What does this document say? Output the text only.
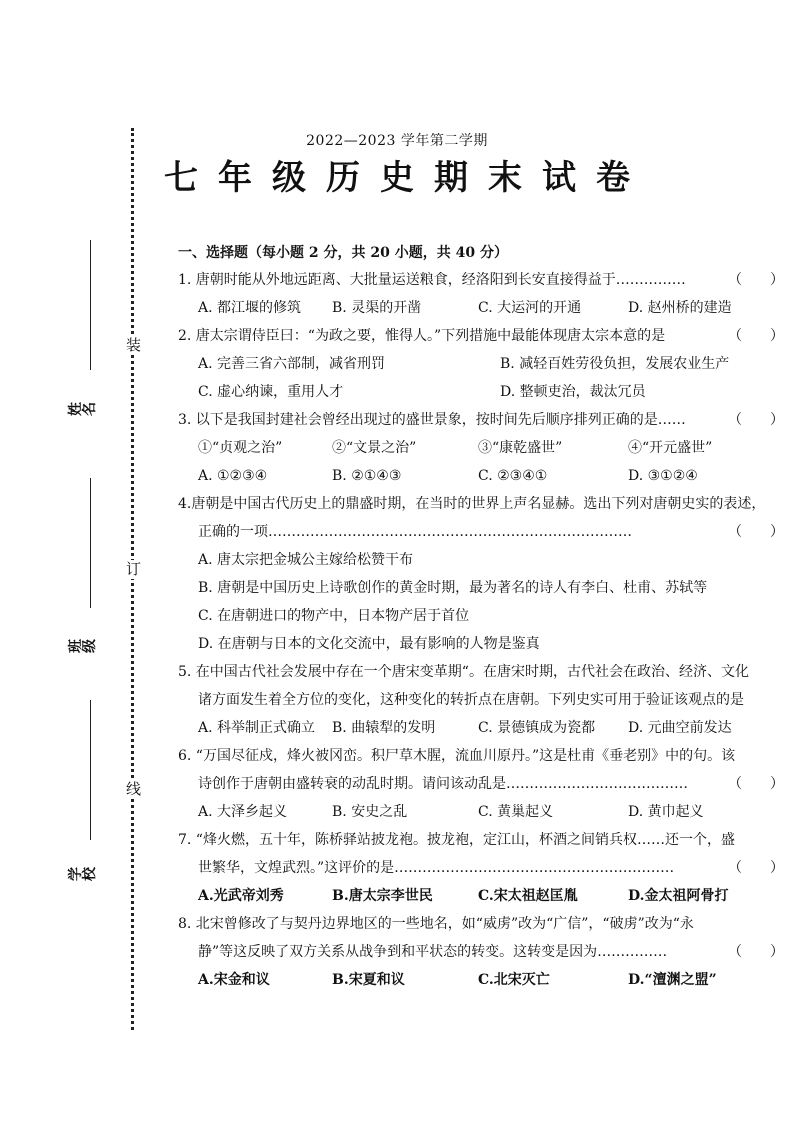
装
订
线
姓名
班级
学校
2022—2023 学年第二学期
七年级历史期末试卷
一、选择题（每小题 2 分，共 20 小题，共 40 分）
1. 唐朝时能从外地远距离、大批量运送粮食，经洛阳到长安直接得益于……………	（　）
A. 都江堰的修筑	B. 灵渠的开凿	C. 大运河的开通	D. 赵州桥的建造
2. 唐太宗谓侍臣曰：“为政之要，惟得人。”下列措施中最能体现唐太宗本意的是	（　）
A. 完善三省六部制，减省刑罚	B. 减轻百姓劳役负担，发展农业生产
C. 虚心纳谏，重用人才	D. 整顿吏治，裁汰冗员
3. 以下是我国封建社会曾经出现过的盛世景象，按时间先后顺序排列正确的是……	（　）
①“贞观之治”	②“文景之治”	③“康乾盛世”	④“开元盛世”
A. ①②③④	B. ②①④③	C. ②③④①	D. ③①②④
4.唐朝是中国古代历史上的鼎盛时期，在当时的世界上声名显赫。选出下列对唐朝史实的表述，
正确的一项……………………………………………………………………	（　）
A. 唐太宗把金城公主嫁给松赞干布
B. 唐朝是中国历史上诗歌创作的黄金时期，最为著名的诗人有李白、杜甫、苏轼等
C. 在唐朝进口的物产中，日本物产居于首位
D. 在唐朝与日本的文化交流中，最有影响的人物是鉴真
5. 在中国古代社会发展中存在一个唐宋变革期“。在唐宋时期，古代社会在政治、经济、文化
诸方面发生着全方位的变化，这种变化的转折点在唐朝。下列史实可用于验证该观点的是
A. 科举制正式确立	B. 曲辕犁的发明	C. 景德镇成为瓷都	D. 元曲空前发达
6. “万国尽征戍，烽火被冈峦。积尸草木腥，流血川原丹。”这是杜甫《垂老别》中的句。该
诗创作于唐朝由盛转衰的动乱时期。请问该动乱是…………………………………	（　）
A. 大泽乡起义	B. 安史之乱	C. 黄巢起义	D. 黄巾起义
7. “烽火燃，五十年，陈桥驿站披龙袍。披龙袍，定江山，杯酒之间销兵权……还一个，盛
世繁华，文煌武烈。”这评价的是……………………………………………………	（　）
A.光武帝刘秀	B.唐太宗李世民	C.宋太祖赵匡胤	D.金太祖阿骨打
8. 北宋曾修改了与契丹边界地区的一些地名，如“威虏”改为“广信”，“破虏”改为“永
静”等这反映了双方关系从战争到和平状态的转变。这转变是因为……………	（　）
A.宋金和议	B.宋夏和议	C.北宋灭亡	D.“澶渊之盟”
